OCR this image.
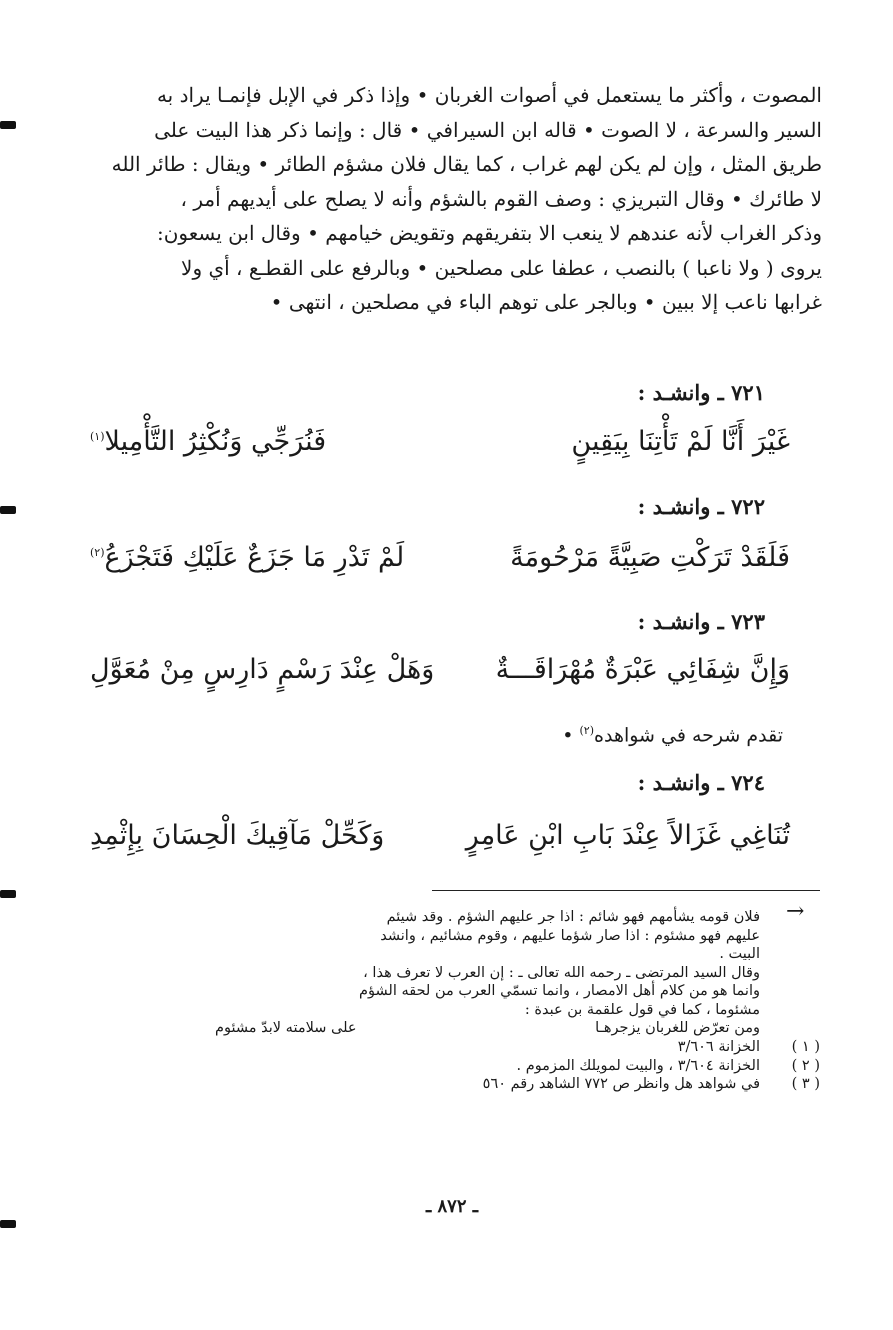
المصوت ، وأكثر ما يستعمل في أصوات الغربان • وإذا ذكر في الإبل فإنمـا يراد به

السير والسرعة ، لا الصوت • قاله ابن السيرافي • قال : وإنما ذكر هذا البيت على

طريق المثل ، وإن لم يكن لهم غراب ، كما يقال فلان مشؤم الطائر • ويقال : طائر الله

لا طائرك • وقال التبريزي : وصف القوم بالشؤم وأنه لا يصلح على أيديهم أمر ،

وذكر الغراب لأنه عندهم لا ينعب الا بتفريقهم وتقويض خيامهم • وقال ابن يسعون:

يروى ( ولا ناعبا ) بالنصب ، عطفا على مصلحين • وبالرفع على القطـع ، أي ولا

غرابها ناعب إلا ببين • وبالجر على توهم الباء في مصلحين ، انتهى •

٧٢١ ـ وانشـد :
غَيْرَ أَنَّا لَمْ تَأْتِنَا بِيَقِينٍ
فَنُرَجِّي وَنُكْثِرُ التَّأْمِيلا$^{(١)}$
٧٢٢ ـ وانشـد :
فَلَقَدْ تَرَكْتِ صَبِيَّةً مَرْحُومَةً
لَمْ تَدْرِ مَا جَزَعٌ عَلَيْكِ فَتَجْزَعُ$^{(٢)}$
٧٢٣ ـ وانشـد :
وَإِنَّ شِفَائِي عَبْرَةٌ مُهْرَاقَـــةٌ
وَهَلْ عِنْدَ رَسْمٍ دَارِسٍ مِنْ مُعَوَّلِ
تقدم شرحه في شواهده$^{(٢)}$ •
٧٢٤ ـ وانشـد :
تُنَاغِي غَزَالاً عِنْدَ بَابِ ابْنِ عَامِرٍ
وَكَحِّلْ مَآقِيكَ الْحِسَانَ بِإِثْمِدِ
→

فلان قومه يشأمهم فهو شائم : اذا جر عليهم الشؤم . وقد شيئم

عليهم فهو مشئوم : اذا صار شؤما عليهم ، وقوم مشائيم ، وانشد

البيت .

وقال السيد المرتضى ـ رحمه الله تعالى ـ : إن العرب لا تعرف هذا ،

وانما هو من كلام أهل الامصار ، وانما تسمّي العرب من لحقه الشؤم

مشئوما ، كما في قول علقمة بن عبدة :

ومن تعرّض للغربان يزجرهـا
على سلامته لابدّ مشئوم
( ١ )
الخزانة ٣/٦٠٦
( ٢ )
الخزانة ٣/٦٠٤ ، والبيت لمويلك المزموم .
( ٣ )
في شواهد هل وانظر ص ٧٧٢ الشاهد رقم ٥٦٠
ـ ٨٧٢ ـ
